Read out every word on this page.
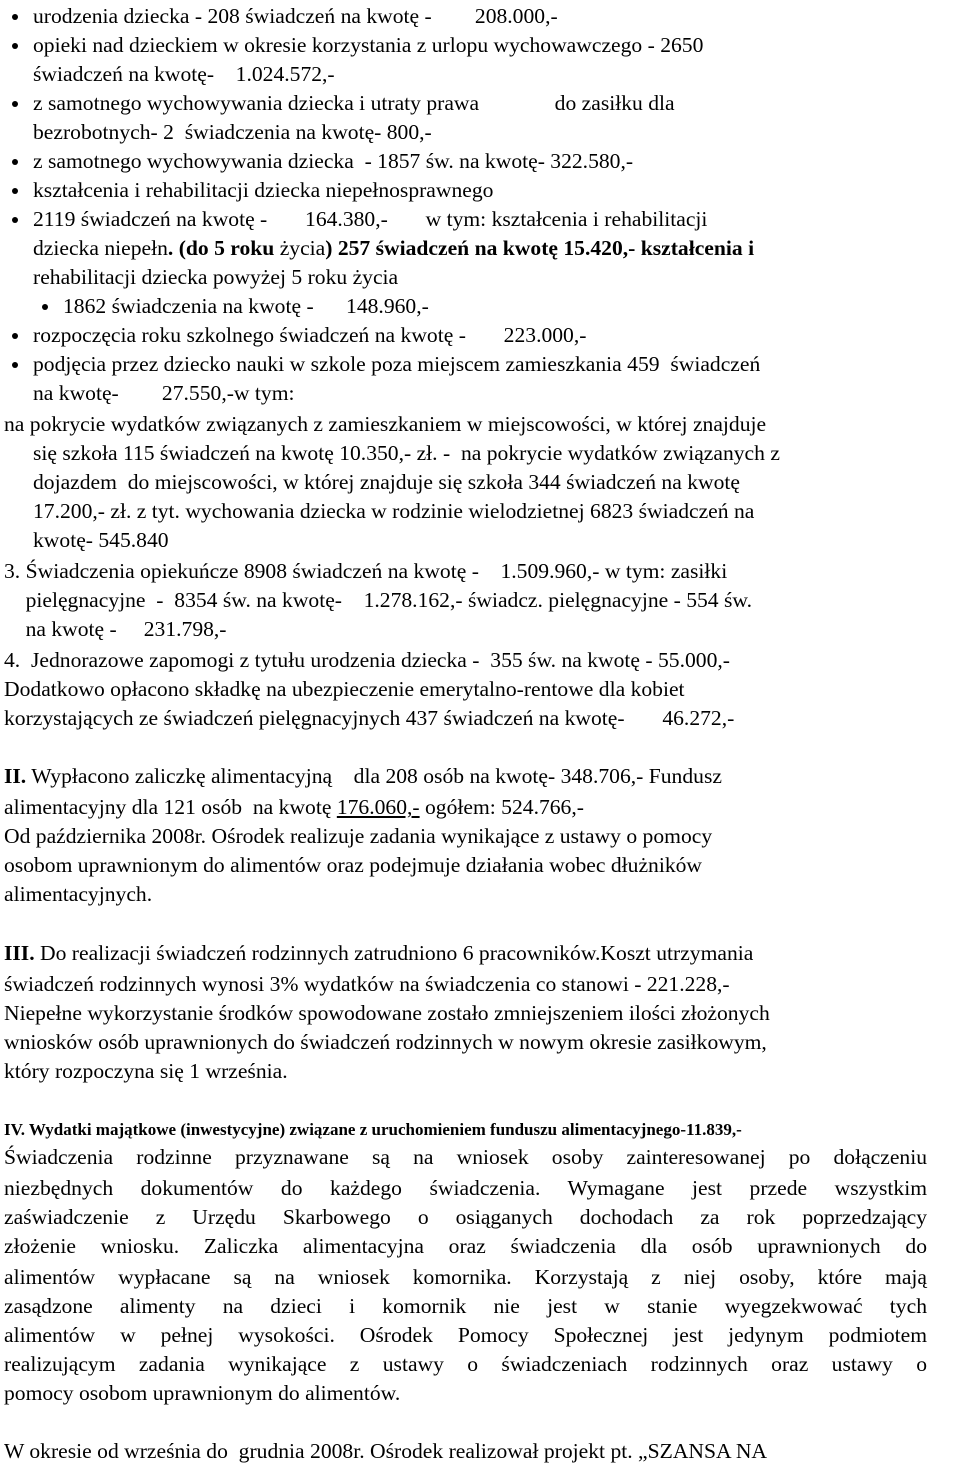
urodzenia dziecka - 208 świadczeń na kwotę -        208.000,-
opieki nad dzieckiem w okresie korzystania z urlopu wychowawczego - 2650
świadczeń na kwotę-    1.024.572,-
z samotnego wychowywania dziecka i utraty prawa              do zasiłku dla
bezrobotnych- 2  świadczenia na kwotę- 800,-
z samotnego wychowywania dziecka  - 1857 św. na kwotę- 322.580,-
kształcenia i rehabilitacji dziecka niepełnosprawnego
2119 świadczeń na kwotę -       164.380,-       w tym: kształcenia i rehabilitacji
dziecka niepełn. (do 5 roku życia) 257 świadczeń na kwotę 15.420,- kształcenia i
rehabilitacji dziecka powyżej 5 roku życia
1862 świadczenia na kwotę -      148.960,-
rozpoczęcia roku szkolnego świadczeń na kwotę -       223.000,-
podjęcia przez dziecko nauki w szkole poza miejscem zamieszkania 459  świadczeń
na kwotę-        27.550,-w tym:
na pokrycie wydatków związanych z zamieszkaniem w miejscowości, w której znajduje
się szkoła 115 świadczeń na kwotę 10.350,- zł. -  na pokrycie wydatków związanych z
dojazdem  do miejscowości, w której znajduje się szkoła 344 świadczeń na kwotę
17.200,- zł. z tyt. wychowania dziecka w rodzinie wielodzietnej 6823 świadczeń na
kwotę- 545.840
3. Świadczenia opiekuńcze 8908 świadczeń na kwotę -    1.509.960,- w tym: zasiłki
pielęgnacyjne  -  8354 św. na kwotę-    1.278.162,- świadcz. pielęgnacyjne - 554 św.
na kwotę -     231.798,-
4.  Jednorazowe zapomogi z tytułu urodzenia dziecka -  355 św. na kwotę - 55.000,-
Dodatkowo opłacono składkę na ubezpieczenie emerytalno-rentowe dla kobiet
korzystających ze świadczeń pielęgnacyjnych 437 świadczeń na kwotę-       46.272,-
II. Wypłacono zaliczkę alimentacyjną    dla 208 osób na kwotę- 348.706,- Fundusz
alimentacyjny dla 121 osób  na kwotę 176.060,- ogółem: 524.766,-
Od października 2008r. Ośrodek realizuje zadania wynikające z ustawy o pomocy
osobom uprawnionym do alimentów oraz podejmuje działania wobec dłużników
alimentacyjnych.
III. Do realizacji świadczeń rodzinnych zatrudniono 6 pracowników.Koszt utrzymania
świadczeń rodzinnych wynosi 3% wydatków na świadczenia co stanowi - 221.228,-
Niepełne wykorzystanie środków spowodowane zostało zmniejszeniem ilości złożonych
wniosków osób uprawnionych do świadczeń rodzinnych w nowym okresie zasiłkowym,
który rozpoczyna się 1 września.
IV. Wydatki majątkowe (inwestycyjne) związane z uruchomieniem funduszu alimentacyjnego-11.839,-
Świadczenia rodzinne przyznawane są na wniosek osoby zainteresowanej po dołączeniu
niezbędnych dokumentów do każdego świadczenia. Wymagane jest przede wszystkim
zaświadczenie z Urzędu Skarbowego o osiąganych dochodach za rok poprzedzający
złożenie wniosku. Zaliczka alimentacyjna oraz świadczenia dla osób uprawnionych do
alimentów wypłacane są na wniosek komornika. Korzystają z niej osoby, które mają
zasądzone alimenty na dzieci i komornik nie jest w stanie wyegzekwować tych
alimentów w pełnej wysokości. Ośrodek Pomocy Społecznej jest jedynym podmiotem
realizującym zadania wynikające z ustawy o świadczeniach rodzinnych oraz ustawy o
pomocy osobom uprawnionym do alimentów.
W okresie od września do  grudnia 2008r. Ośrodek realizował projekt pt. „SZANSA NA
